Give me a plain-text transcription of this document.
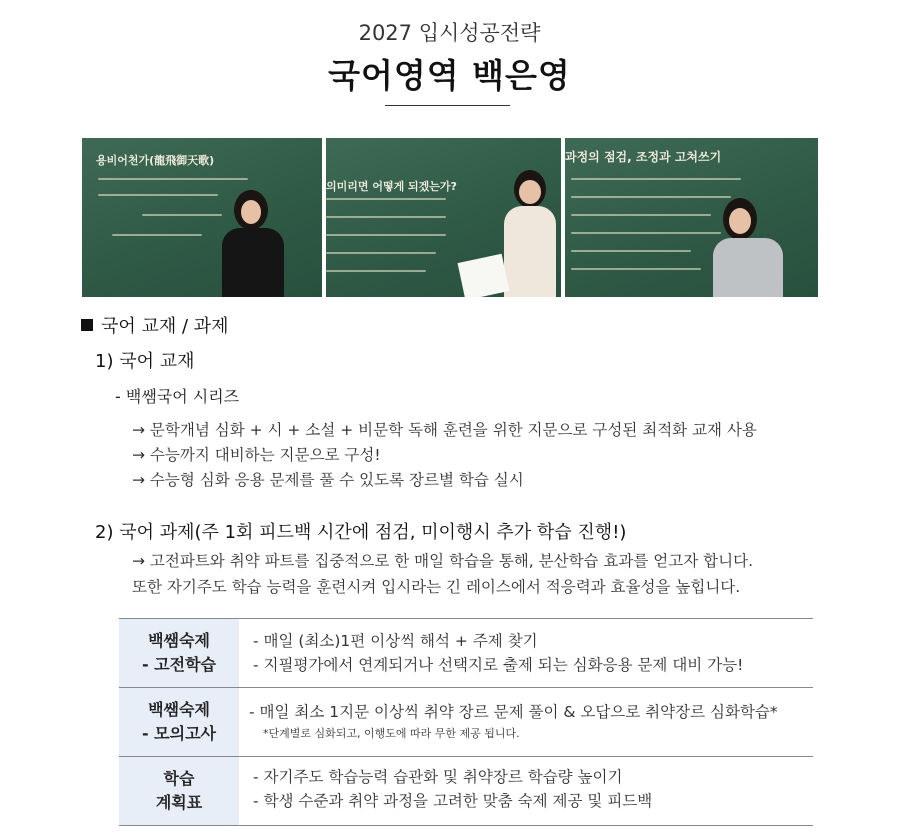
2027 입시성공전략
국어영역 백은영
용비어천가(龍飛御天歌)
의미리면 어떻게 되겠는가?
과정의 점검, 조정과 고쳐쓰기
국어 교재 / 과제
1) 국어 교재
- 백쌤국어 시리즈
→ 문학개념 심화 + 시 + 소설 + 비문학 독해 훈련을 위한 지문으로 구성된 최적화 교재 사용
→ 수능까지 대비하는 지문으로 구성!
→ 수능형 심화 응용 문제를 풀 수 있도록 장르별 학습 실시
2) 국어 과제(주 1회 피드백 시간에 점검, 미이행시 추가 학습 진행!)
→ 고전파트와 취약 파트를 집중적으로 한 매일 학습을 통해, 분산학습 효과를 얻고자 합니다.
또한 자기주도 학습 능력을 훈련시켜 입시라는 긴 레이스에서 적응력과 효율성을 높힙니다.
백쌤숙제
- 고전학습
- 매일 (최소)1편 이상씩 해석 + 주제 찾기
- 지필평가에서 연계되거나 선택지로 출제 되는 심화응용 문제 대비 가능!
백쌤숙제
- 모의고사
- 매일 최소 1지문 이상씩 취약 장르 문제 풀이 & 오답으로 취약장르 심화학습*
*단계별로 심화되고, 이행도에 따라 무한 제공 됩니다.
학습
계획표
- 자기주도 학습능력 습관화 및 취약장르 학습량 높이기
- 학생 수준과 취약 과정을 고려한 맞춤 숙제 제공 및 피드백
